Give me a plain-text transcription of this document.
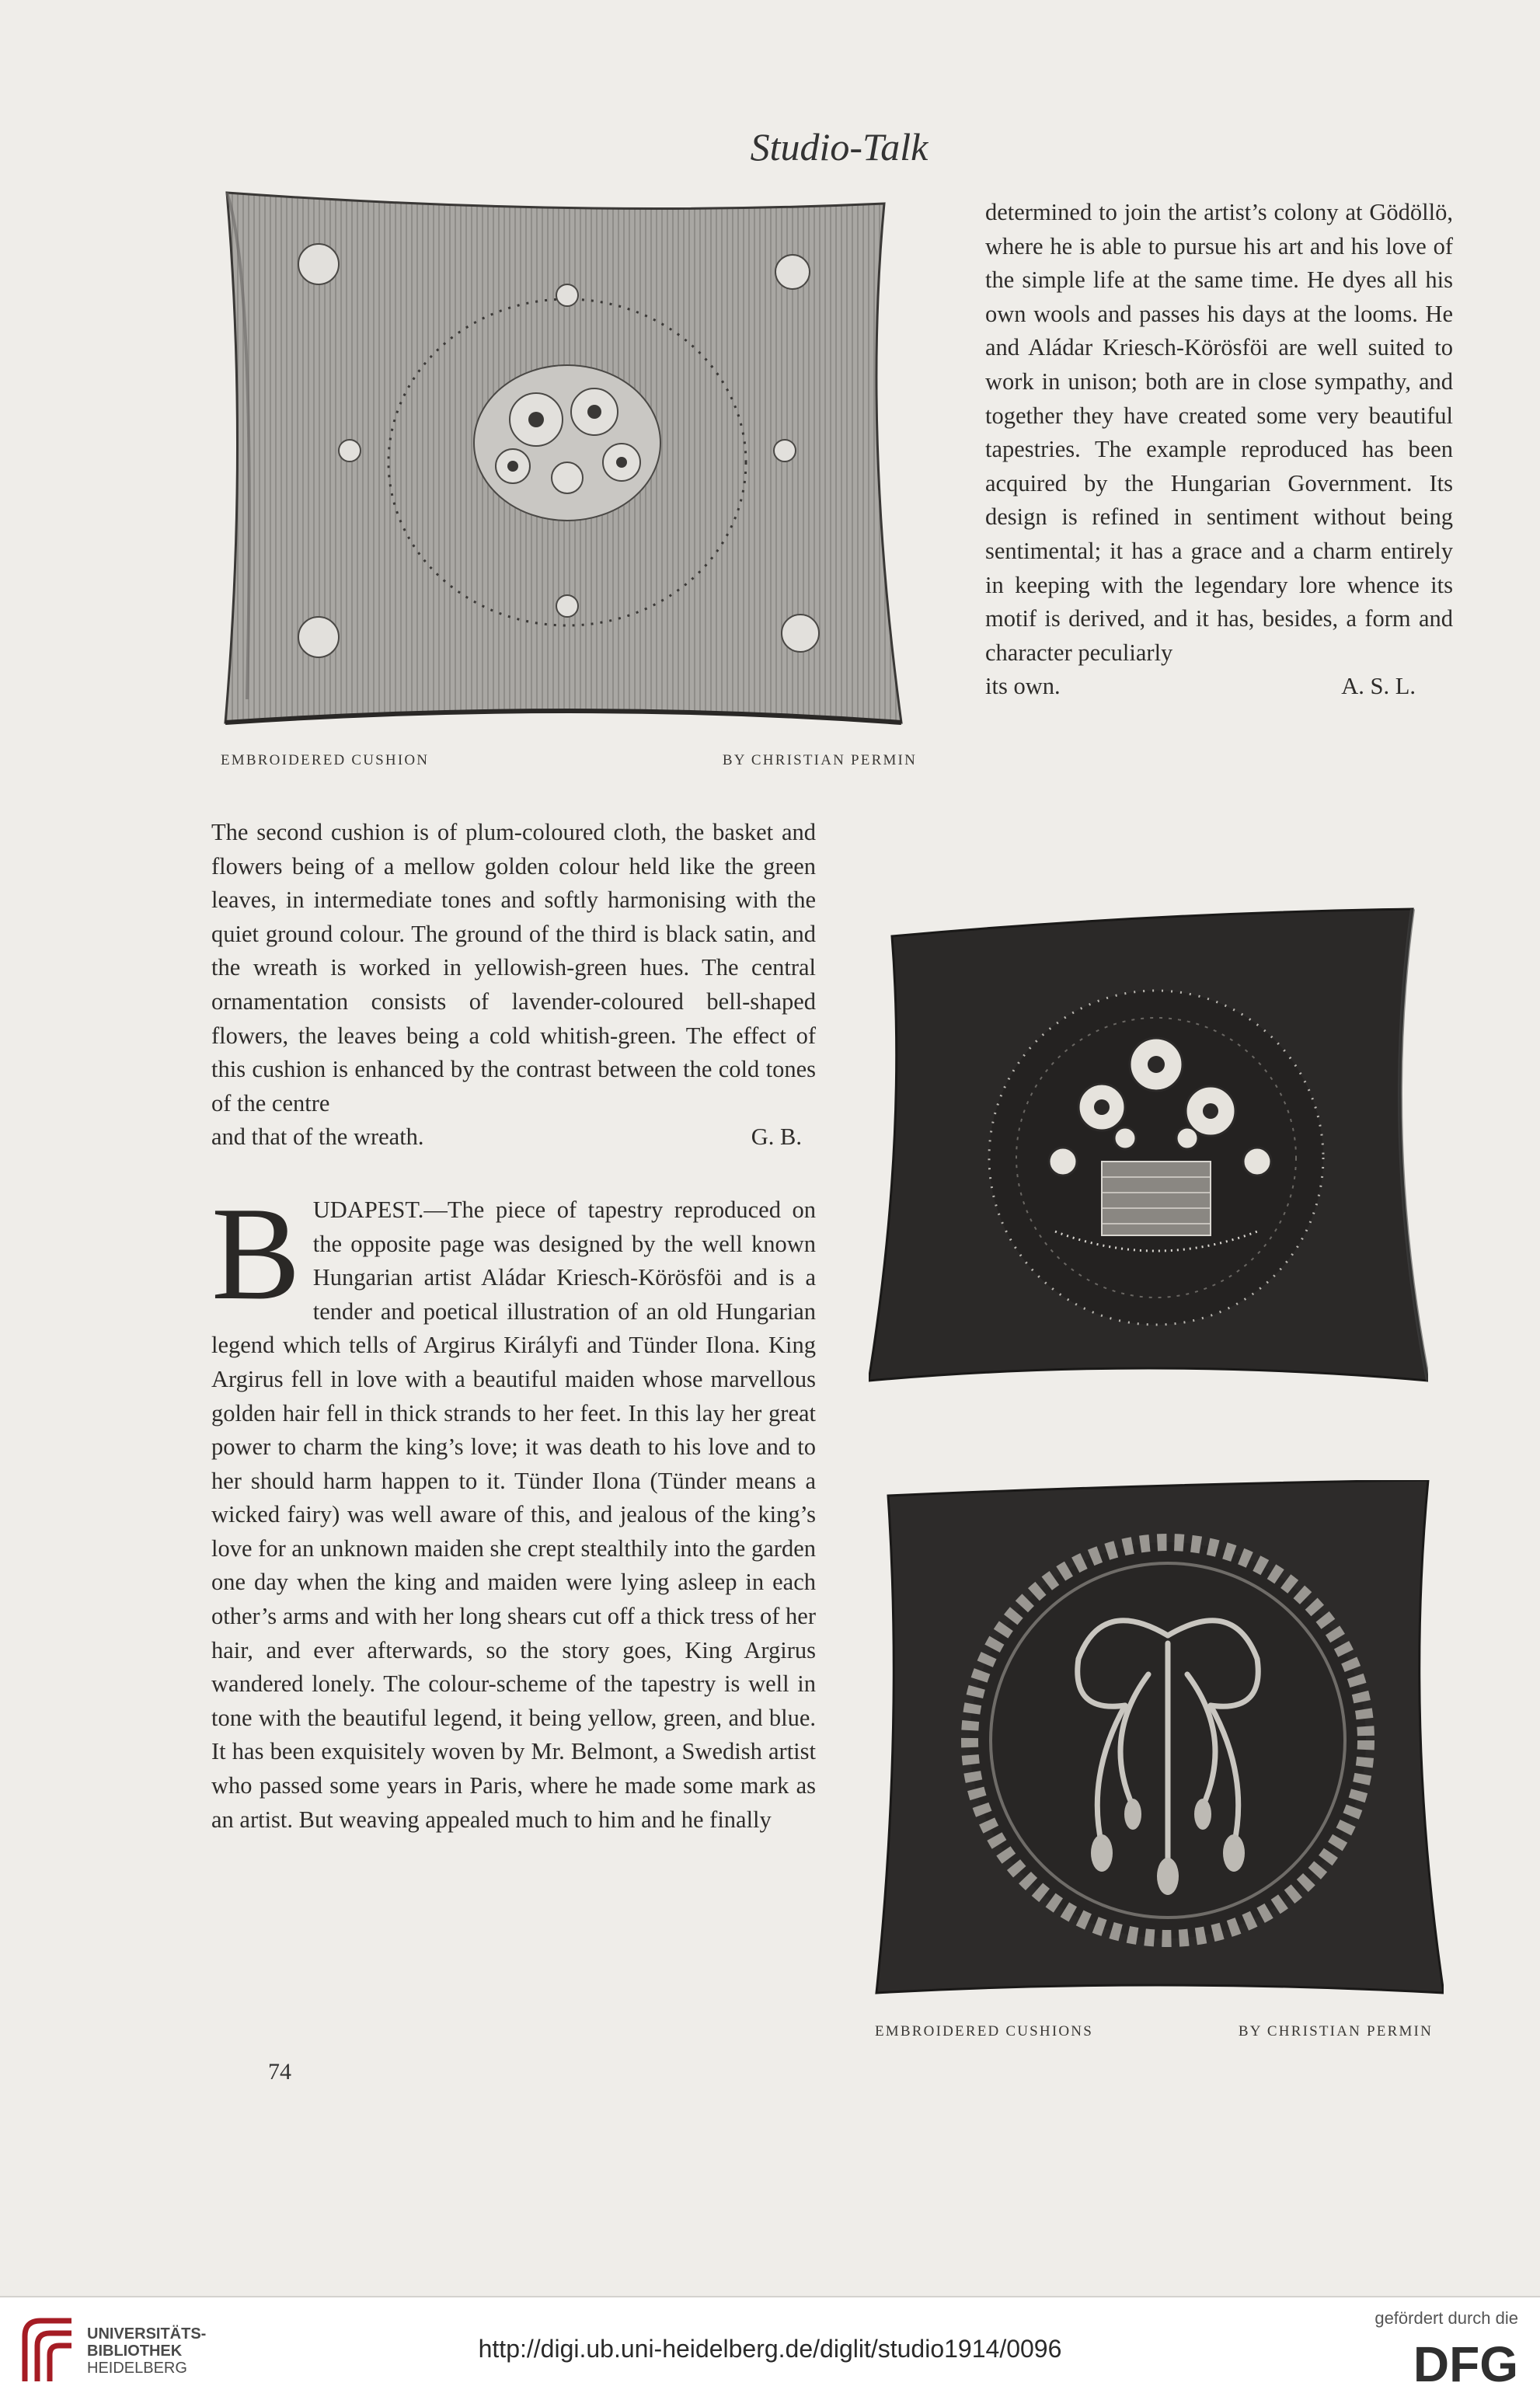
Studio-Talk
EMBROIDERED CUSHION	BY CHRISTIAN PERMIN

determined to join the artist’s colony at Gödöllö, where he is able to pursue his art and his love of the simple life at the same time. He dyes all his own wools and passes his days at the looms. He and Aládar Kriesch-Körösföi are well suited to work in unison; both are in close sympathy, and together they have created some very beautiful tapestries. The example reproduced has been acquired by the Hungarian Government. Its design is refined in sentiment without being sentimental; it has a grace and a charm entirely in keeping with the legendary lore whence its motif is derived, and it has, besides, a form and character peculiarly

its own.	A. S. L.

The second cushion is of plum-coloured cloth, the basket and flowers being of a mellow golden colour held like the green leaves, in intermediate tones and softly harmonising with the quiet ground colour. The ground of the third is black satin, and the wreath is worked in yellowish-green hues. The central ornamentation consists of lavender-coloured bell-shaped flowers, the leaves being a cold whitish-green. The effect of this cushion is enhanced by the contrast between the cold tones of the centre

and that of the wreath.	G. B.

BUDAPEST.—The piece of tapestry reproduced on the opposite page was designed by the well known Hungarian artist Aládar Kriesch-Körösföi and is a tender and poetical illustration of an old Hungarian legend which tells of Argirus Királyfi and Tünder Ilona. King Argirus fell in love with a beautiful maiden whose marvellous golden hair fell in thick strands to her feet. In this lay her great power to charm the king’s love; it was death to his love and to her should harm happen to it. Tünder Ilona (Tünder means a wicked fairy) was well aware of this, and jealous of the king’s love for an unknown maiden she crept stealthily into the garden one day when the king and maiden were lying asleep in each other’s arms and with her long shears cut off a thick tress of her hair, and ever afterwards, so the story goes, King Argirus wandered lonely. The colour-scheme of the tapestry is well in tone with the beautiful legend, it being yellow, green, and blue. It has been exquisitely woven by Mr. Belmont, a Swedish artist who passed some years in Paris, where he made some mark as an artist. But weaving appealed much to him and he finally

EMBROIDERED CUSHIONS	BY CHRISTIAN PERMIN
74
UNIVERSITÄTS-
BIBLIOTHEK
HEIDELBERG
http://digi.ub.uni-heidelberg.de/diglit/studio1914/0096
gefördert durch die
DFG
